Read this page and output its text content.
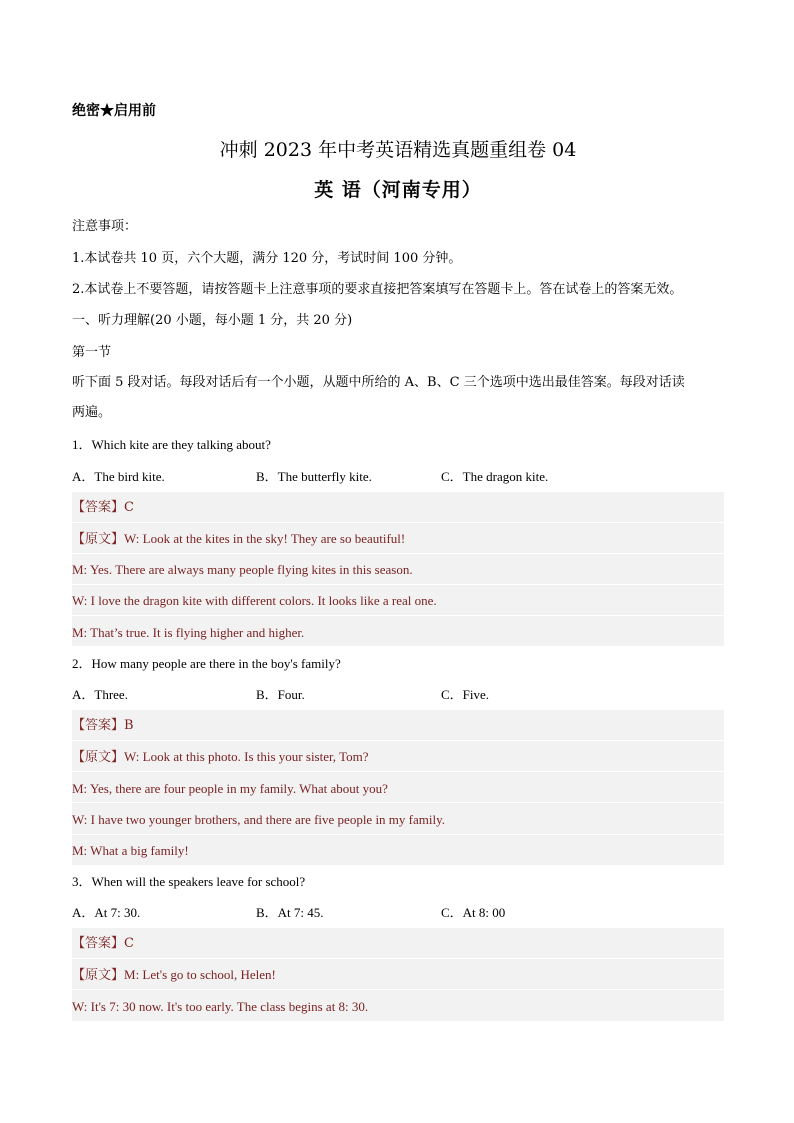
绝密★启用前
冲刺 2023 年中考英语精选真题重组卷 04
英 语（河南专用）
注意事项：
1.本试卷共 10 页，六个大题，满分 120 分，考试时间 100 分钟。
2.本试卷上不要答题，请按答题卡上注意事项的要求直接把答案填写在答题卡上。答在试卷上的答案无效。
一、听力理解(20 小题，每小题 1 分，共 20 分)
第一节
听下面 5 段对话。每段对话后有一个小题，从题中所给的 A、B、C 三个选项中选出最佳答案。每段对话读
两遍。
1．Which kite are they talking about?
A．The bird kite.	B．The butterfly kite.	C．The dragon kite.
【答案】C
【原文】W: Look at the kites in the sky! They are so beautiful!
M: Yes. There are always many people flying kites in this season.
W: I love the dragon kite with different colors. It looks like a real one.
M: That’s true. It is flying higher and higher.
2．How many people are there in the boy's family?
A．Three.	B．Four.	C．Five.
【答案】B
【原文】W: Look at this photo. Is this your sister, Tom?
M: Yes, there are four people in my family. What about you?
W: I have two younger brothers, and there are five people in my family.
M: What a big family!
3．When will the speakers leave for school?
A．At 7: 30.	B．At 7: 45.	C．At 8: 00
【答案】C
【原文】M: Let's go to school, Helen!
W: It's 7: 30 now. It's too early. The class begins at 8: 30.
